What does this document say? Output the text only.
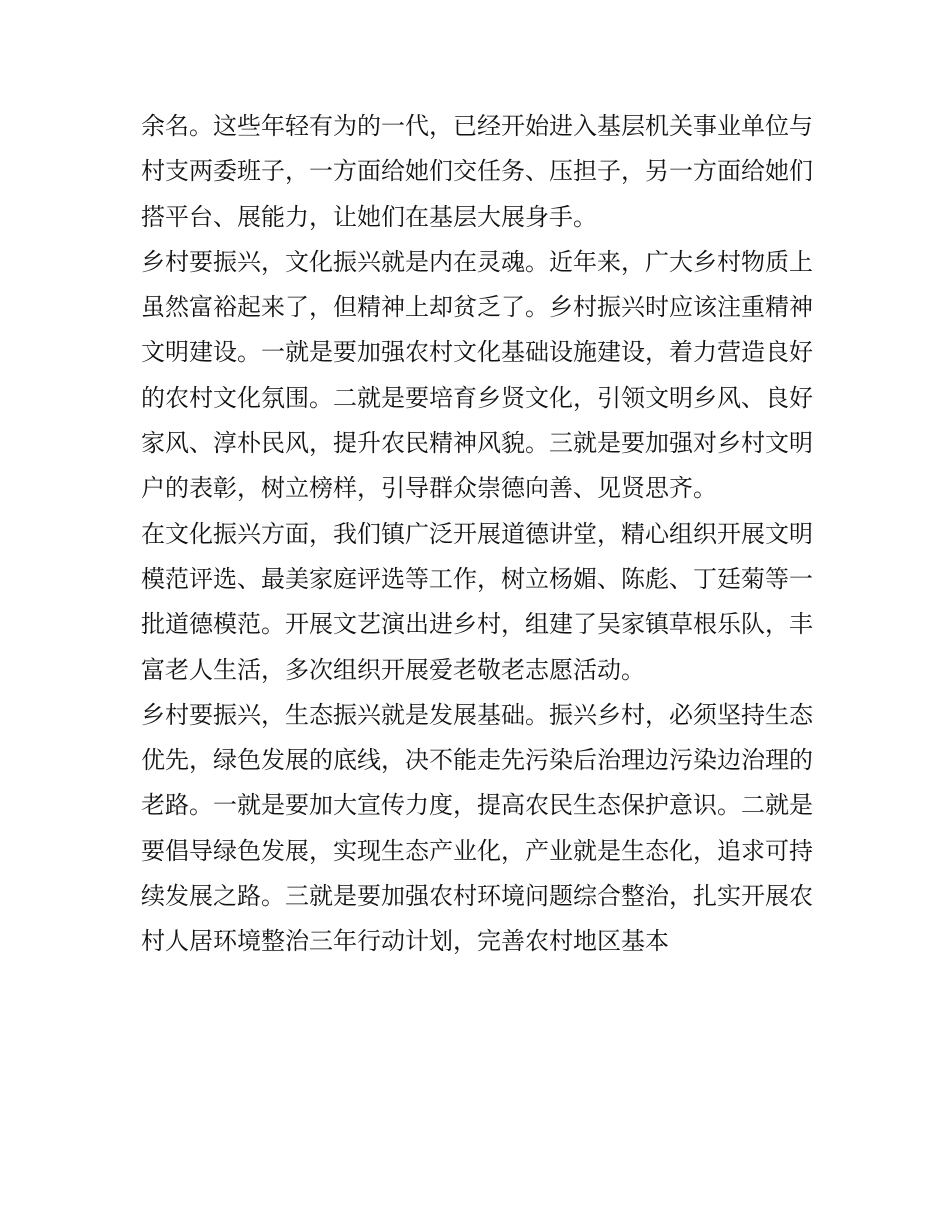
余名。这些年轻有为的一代，已经开始进入基层机关事业单位与村支两委班子，一方面给她们交任务、压担子，另一方面给她们搭平台、展能力，让她们在基层大展身手。

乡村要振兴，文化振兴就是内在灵魂。近年来，广大乡村物质上虽然富裕起来了，但精神上却贫乏了。乡村振兴时应该注重精神文明建设。一就是要加强农村文化基础设施建设，着力营造良好的农村文化氛围。二就是要培育乡贤文化，引领文明乡风、良好家风、淳朴民风，提升农民精神风貌。三就是要加强对乡村文明户的表彰，树立榜样，引导群众崇德向善、见贤思齐。

在文化振兴方面，我们镇广泛开展道德讲堂，精心组织开展文明模范评选、最美家庭评选等工作，树立杨媚、陈彪、丁廷菊等一批道德模范。开展文艺演出进乡村，组建了吴家镇草根乐队，丰富老人生活，多次组织开展爱老敬老志愿活动。

乡村要振兴，生态振兴就是发展基础。振兴乡村，必须坚持生态优先，绿色发展的底线，决不能走先污染后治理边污染边治理的老路。一就是要加大宣传力度，提高农民生态保护意识。二就是要倡导绿色发展，实现生态产业化，产业就是生态化，追求可持续发展之路。三就是要加强农村环境问题综合整治，扎实开展农村人居环境整治三年行动计划，完善农村地区基本
